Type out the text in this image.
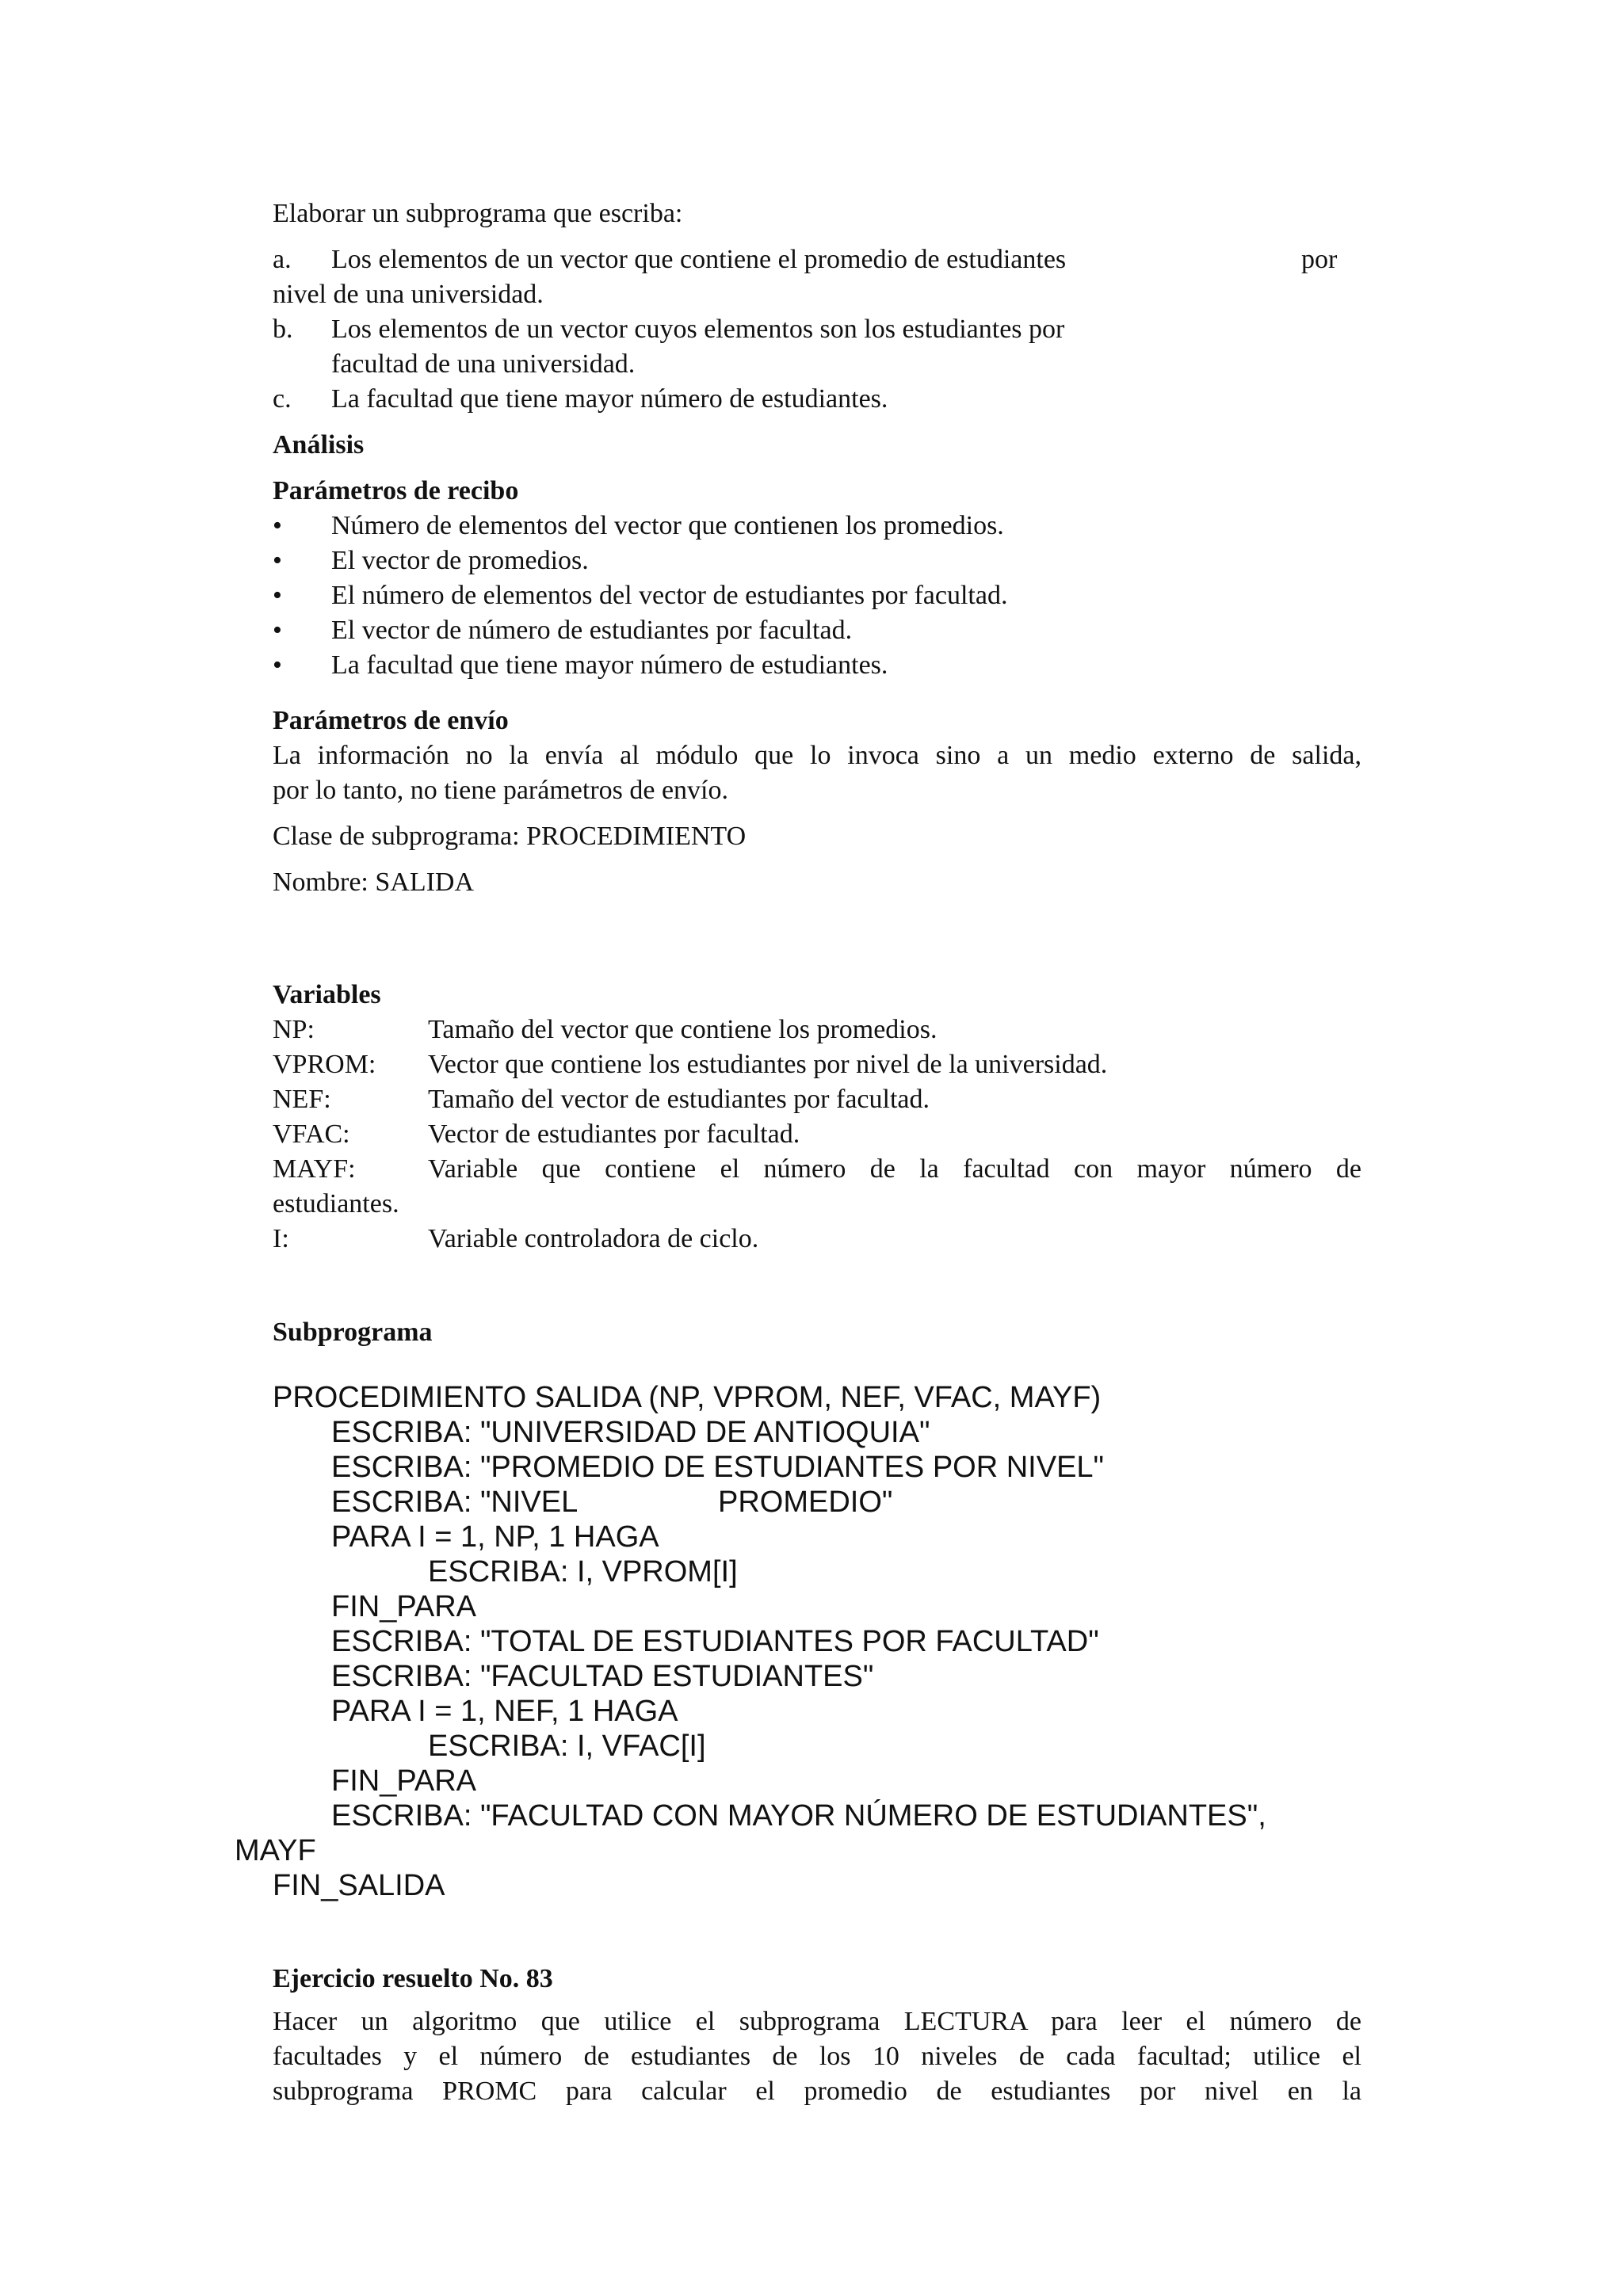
Elaborar un subprograma que escriba:
a. Los elementos de un vector que contiene el promedio de estudiantes	por
nivel de una universidad.
b. Los elementos de un vector cuyos elementos son los estudiantes por
facultad de una universidad.
c. La facultad que tiene mayor número de estudiantes.
Análisis
Parámetros de recibo
•
Número de elementos del vector que contienen los promedios.
•
El vector de promedios.
•
El número de elementos del vector de estudiantes por facultad.
•
El vector de número de estudiantes por facultad.
•
La facultad que tiene mayor número de estudiantes.
Parámetros de envío
La información no la envía al módulo que lo invoca sino a un medio externo de salida,
por lo tanto, no tiene parámetros de envío.
Clase de subprograma: PROCEDIMIENTO
Nombre: SALIDA
Variables
NP:	Tamaño del vector que contiene los promedios.
VPROM: Vector que contiene los estudiantes por nivel de la universidad.
NEF:	Tamaño del vector de estudiantes por facultad.
VFAC:	Vector de estudiantes por facultad.
MAYF:	Variable que contiene el número de la facultad con mayor número de
estudiantes.
I:	Variable controladora de ciclo.
Subprograma
PROCEDIMIENTO SALIDA (NP, VPROM, NEF, VFAC, MAYF)
ESCRIBA: "UNIVERSIDAD DE ANTIOQUIA"
ESCRIBA: "PROMEDIO DE ESTUDIANTES POR NIVEL"
ESCRIBA: "NIVEL	PROMEDIO"
PARA I = 1, NP, 1 HAGA
ESCRIBA: I, VPROM[I]
FIN_PARA
ESCRIBA: "TOTAL DE ESTUDIANTES POR FACULTAD"
ESCRIBA: "FACULTAD ESTUDIANTES"
PARA I = 1, NEF, 1 HAGA
ESCRIBA: I, VFAC[I]
FIN_PARA
ESCRIBA: "FACULTAD CON MAYOR NÚMERO DE ESTUDIANTES",
MAYF
FIN_SALIDA
Ejercicio resuelto No. 83
Hacer un algoritmo que utilice el subprograma LECTURA para leer el número de
facultades y el número de estudiantes de los 10 niveles de cada facultad; utilice el
subprograma PROMC para calcular el promedio de estudiantes por nivel en la
